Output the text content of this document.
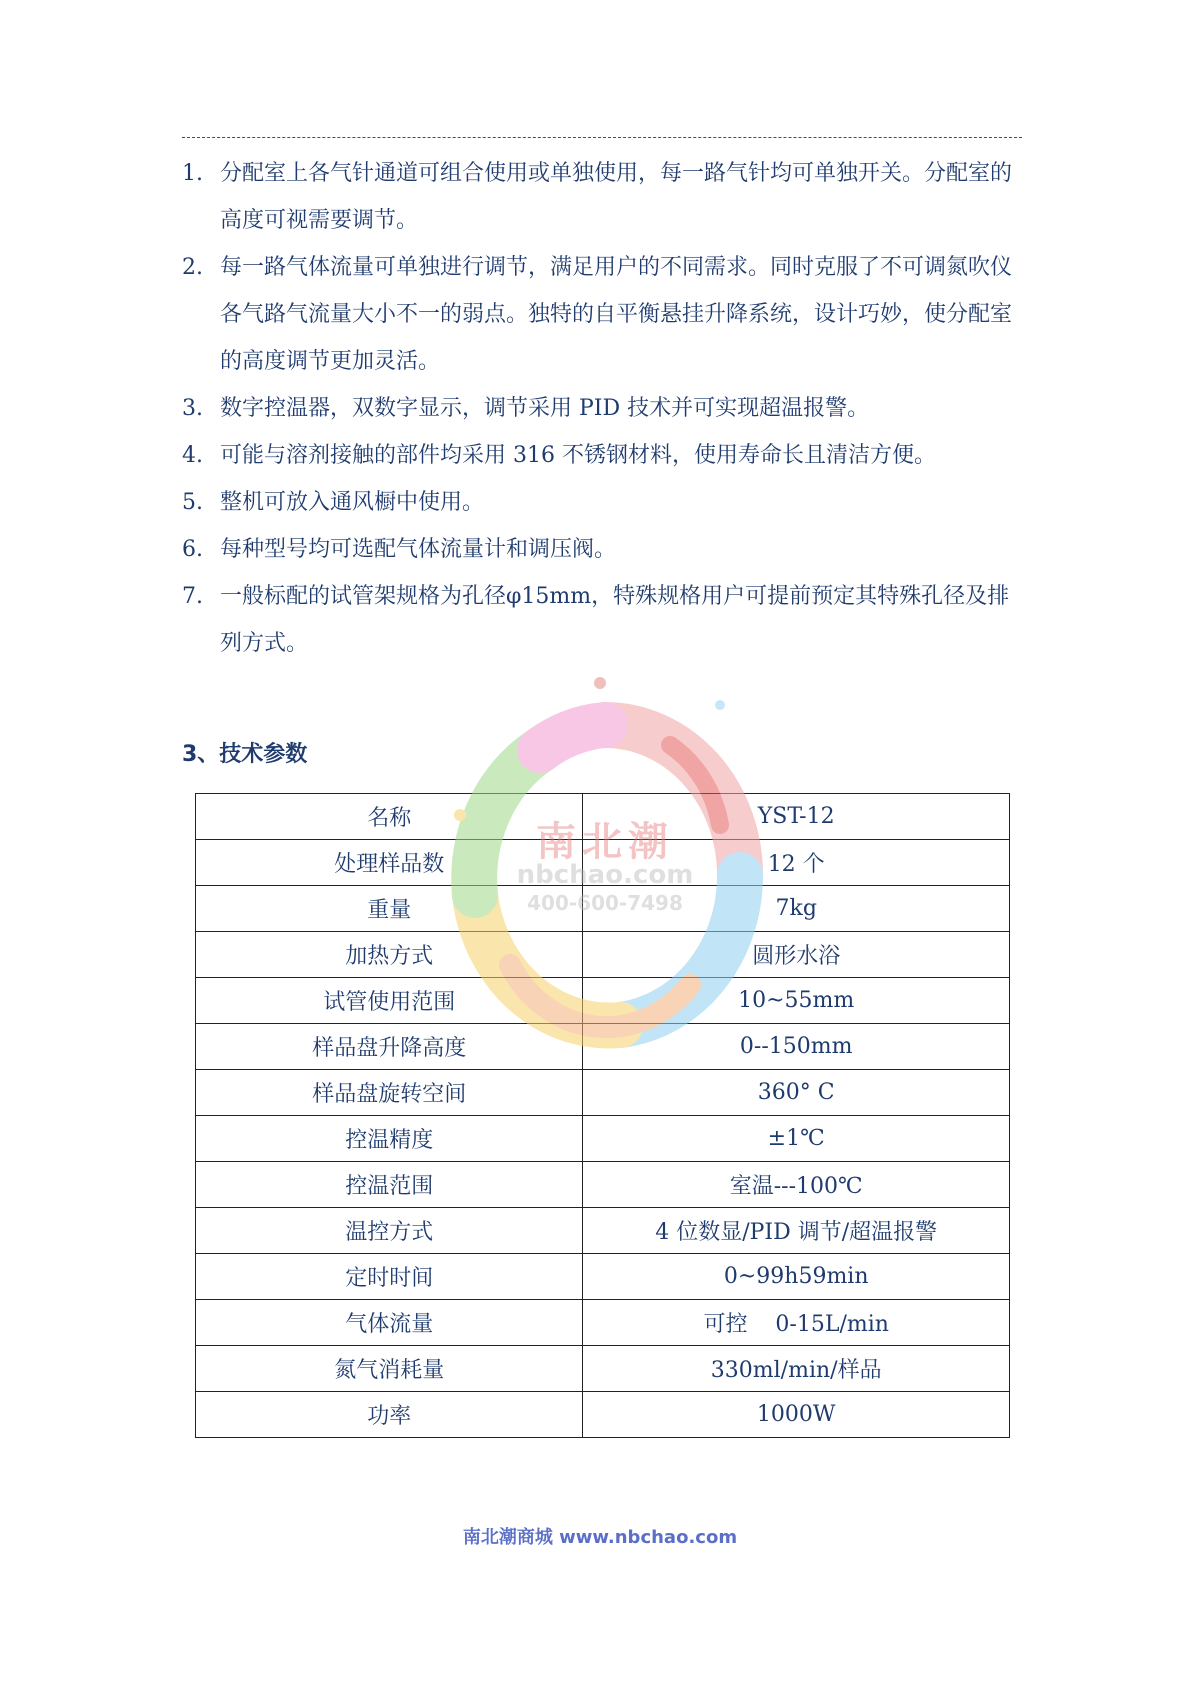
1. 分配室上各气针通道可组合使用或单独使用，每一路气针均可单独开关。分配室的高度可视需要调节。
2. 每一路气体流量可单独进行调节，满足用户的不同需求。同时克服了不可调氮吹仪各气路气流量大小不一的弱点。独特的自平衡悬挂升降系统，设计巧妙，使分配室的高度调节更加灵活。
3. 数字控温器，双数字显示，调节采用 PID 技术并可实现超温报警。
4. 可能与溶剂接触的部件均采用 316 不锈钢材料，使用寿命长且清洁方便。
5. 整机可放入通风橱中使用。
6. 每种型号均可选配气体流量计和调压阀。
7. 一般标配的试管架规格为孔径φ15mm，特殊规格用户可提前预定其特殊孔径及排列方式。
3、技术参数
名称	YST-12
处理样品数	12 个
重量	7kg
加热方式	圆形水浴
试管使用范围	10~55mm
样品盘升降高度	0--150mm
样品盘旋转空间	360° C
控温精度	±1℃
控温范围	室温---100℃
温控方式	4 位数显/PID 调节/超温报警
定时时间	0~99h59min
气体流量	可控    0-15L/min
氮气消耗量	330ml/min/样品
功率	1000W
南北潮
nbchao.com
400-600-7498
南北潮商城 www.nbchao.com
